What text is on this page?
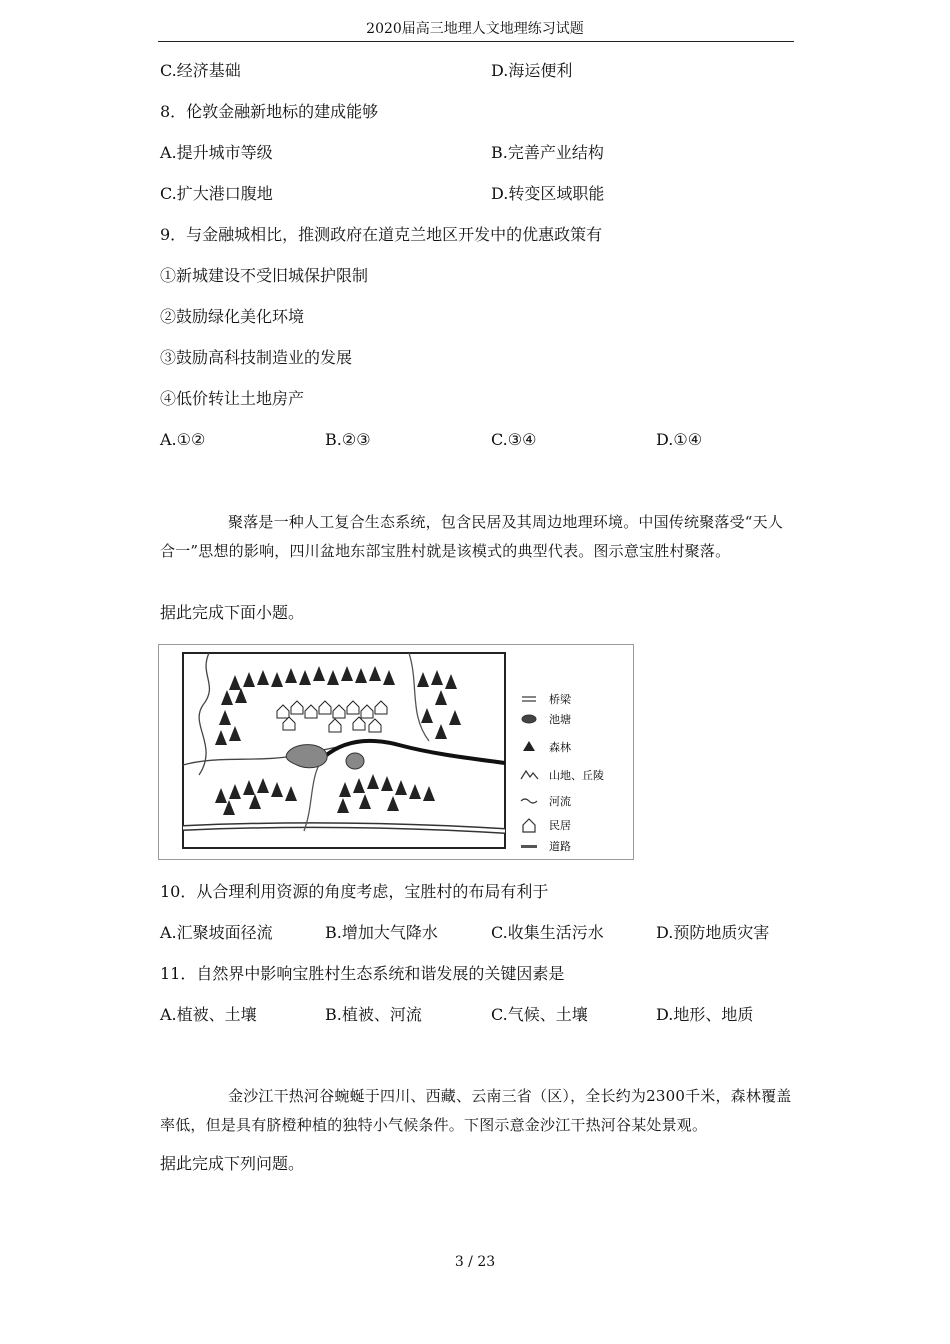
2020届高三地理人文地理练习试题
C.经济基础	D.海运便利
8．伦敦金融新地标的建成能够
A.提升城市等级	B.完善产业结构
C.扩大港口腹地	D.转变区域职能
9．与金融城相比，推测政府在道克兰地区开发中的优惠政策有
①新城建设不受旧城保护限制
②鼓励绿化美化环境
③鼓励高科技制造业的发展
④低价转让土地房产
A.①②	B.②③	C.③④	D.①④
聚落是一种人工复合生态系统，包含民居及其周边地理环境。中国传统聚落受“天人合一”思想的影响，四川盆地东部宝胜村就是该模式的典型代表。图示意宝胜村聚落。
据此完成下面小题。
桥梁
池塘
森林
山地、丘陵
河流
民居
道路
10．从合理利用资源的角度考虑，宝胜村的布局有利于
A.汇聚坡面径流	B.增加大气降水	C.收集生活污水	D.预防地质灾害
11．自然界中影响宝胜村生态系统和谐发展的关键因素是
A.植被、土壤	B.植被、河流	C.气候、土壤	D.地形、地质
金沙江干热河谷蜿蜒于四川、西藏、云南三省（区），全长约为2300千米，森林覆盖率低，但是具有脐橙种植的独特小气候条件。下图示意金沙江干热河谷某处景观。
据此完成下列问题。
3 / 23
